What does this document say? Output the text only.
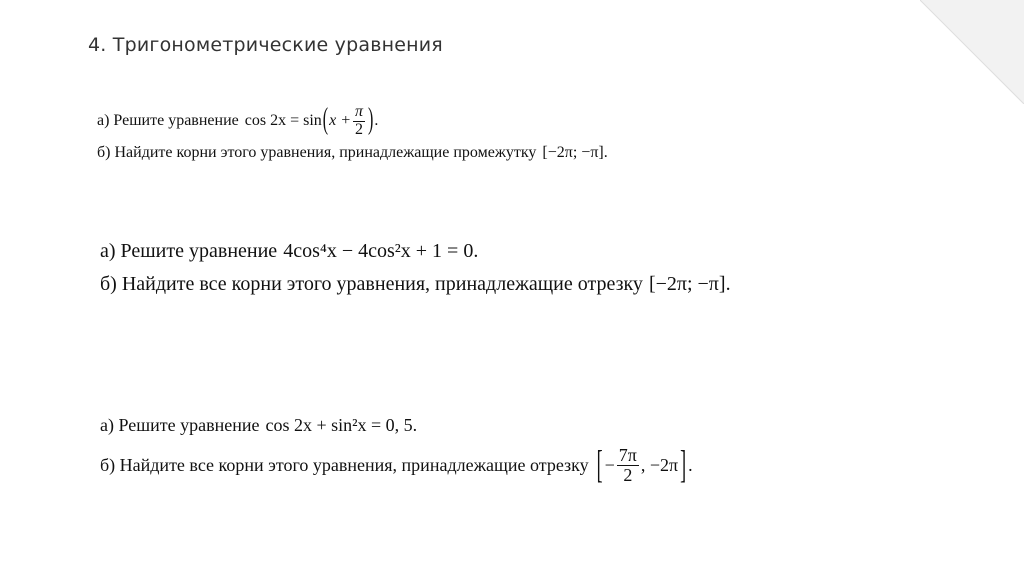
4. Тригонометрические уравнения
а) Решите уравнение cos 2x = sin ( $x + \frac{\pi}{2}$ ) .
б) Найдите корни этого уравнения, принадлежащие промежутку [−2π; −π].
а) Решите уравнение 4cos⁴x − 4cos²x + 1 = 0.
б) Найдите все корни этого уравнения, принадлежащие отрезку [−2π; −π].
а) Решите уравнение cos 2x + sin²x = 0, 5.
б) Найдите все корни этого уравнения, принадлежащие отрезку [ − $\frac{7\pi}{2}$ , −2π ] .
